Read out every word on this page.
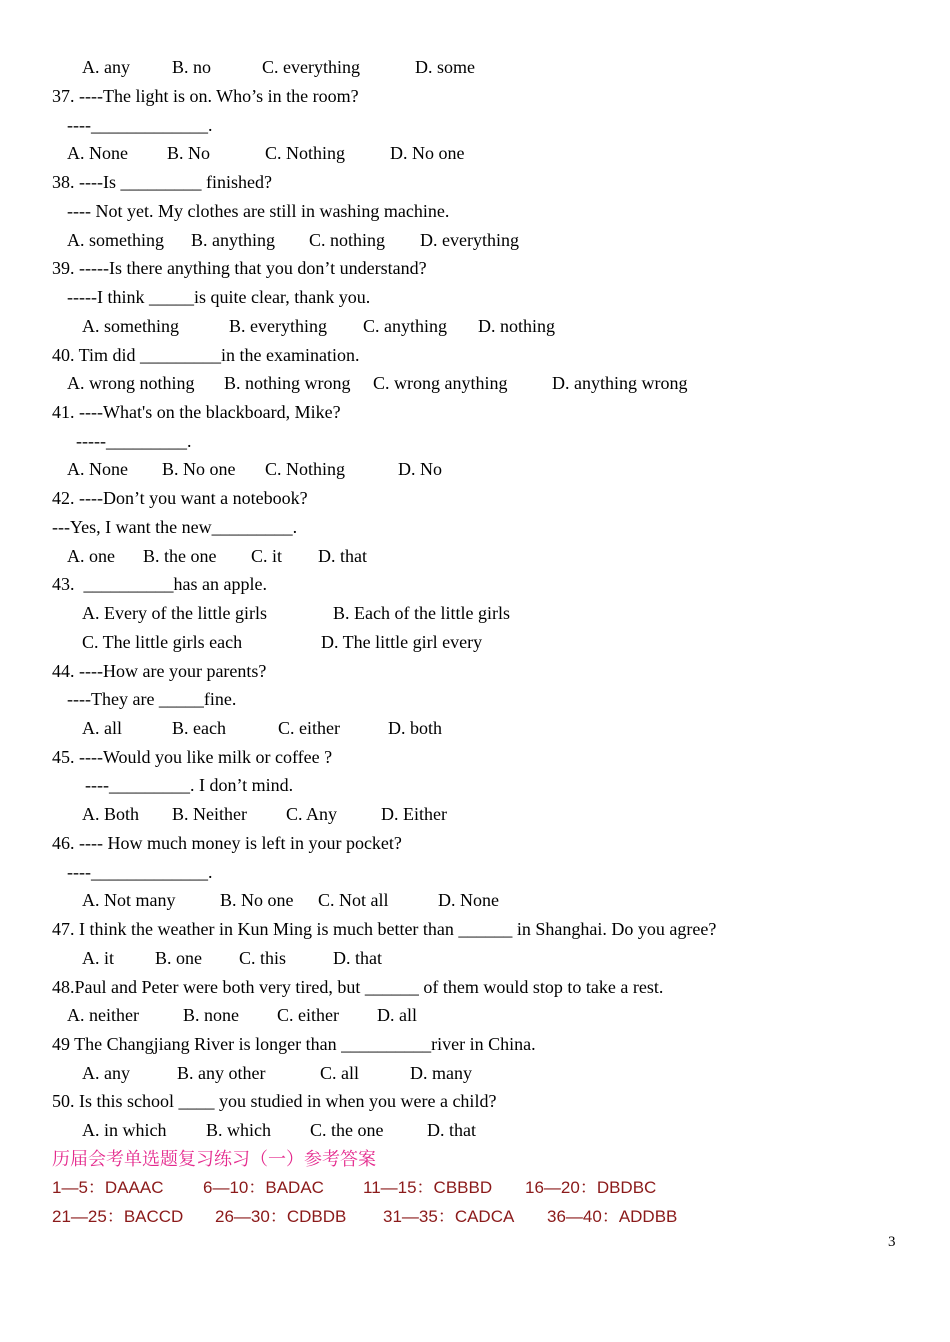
A. any B. no	C. everything	D. some
37. ----The light is on. Who’s in the room?
----_____________.
A. None B. No	C. Nothing D. No one
38. ----Is _________ finished?
---- Not yet. My clothes are still in washing machine.
A. something B. anything C. nothing D. everything
39. -----Is there anything that you don’t understand?
-----I think _____is quite clear, thank you.
A. something	B. everything C. anything D. nothing
40. Tim did _________in the examination.
A. wrong nothing B. nothing wrong C. wrong anything D. anything wrong
41. ----What's on the blackboard, Mike?
-----_________.
A. None B. No one C. Nothing	D. No
42. ----Don’t you want a notebook?
---Yes, I want the new_________.
A. one B. the one C. it D. that
43.  __________has an apple.
A. Every of the little girls	B. Each of the little girls
C. The little girls each	D. The little girl every
44. ----How are your parents?
----They are _____fine.
A. all	B. each	C. either	D. both
45. ----Would you like milk or coffee ?
----_________. I don’t mind.
A. Both B. Neither C. Any D. Either
46. ---- How much money is left in your pocket?
----_____________.
A. Not many B. No one C. Not all	D. None
47. I think the weather in Kun Ming is much better than ______ in Shanghai. Do you agree?
A. it B. one C. this	D. that
48.Paul and Peter were both very tired, but ______ of them would stop to take a rest.
A. neither B. none C. either D. all
49 The Changjiang River is longer than __________river in China.
A. any	B. any other	C. all	D. many
50. Is this school ____ you studied in when you were a child?
A. in which B. which C. the one D. that
历届会考单选题复习练习（一）参考答案
1—5：DAAAC 6—10：BADAC 11—15：CBBBD 16—20：DBDBC
21—25：BACCD 26—30：CDBDB 31—35：CADCA 36—40：ADDBB
3
